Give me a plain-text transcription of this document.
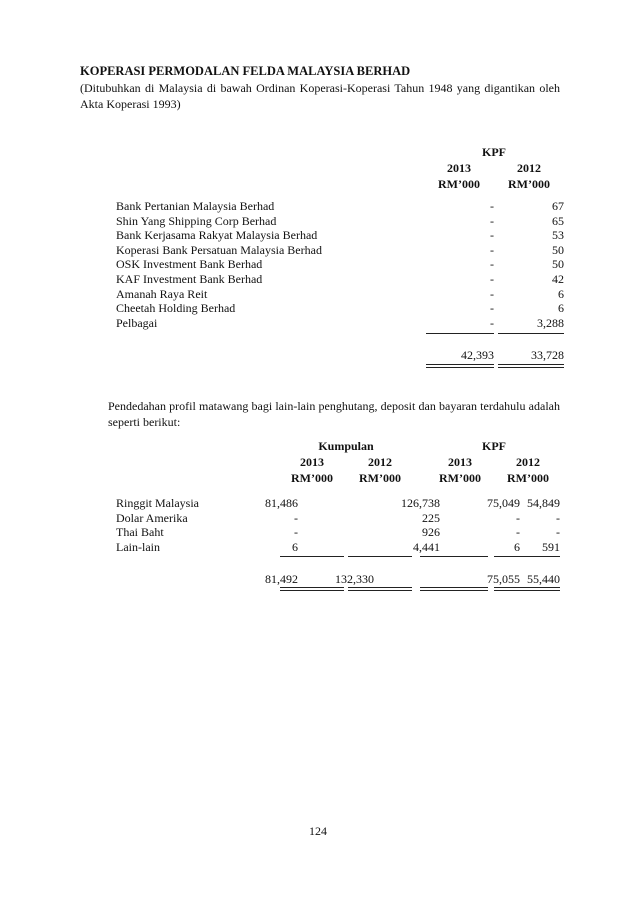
KOPERASI PERMODALAN FELDA MALAYSIA BERHAD
(Ditubuhkan di Malaysia di bawah Ordinan Koperasi-Koperasi Tahun 1948 yang digantikan oleh Akta Koperasi 1993)
KPF	
2013	2012
RM’000	RM’000
Bank Pertanian Malaysia Berhad	-	67
Shin Yang Shipping Corp Berhad	-	65
Bank Kerjasama Rakyat Malaysia Berhad	-	53
Koperasi Bank Persatuan Malaysia Berhad	-	50
OSK Investment Bank Berhad	-	50
KAF Investment Bank Berhad	-	42
Amanah Raya Reit	-	6
Cheetah Holding Berhad	-	6
Pelbagai	-	3,288
42,393	33,728
Pendedahan profil matawang bagi lain-lain penghutang, deposit dan bayaran terdahulu adalah seperti berikut:
Kumpulan			KPF	
2013	2012		2013	2012
RM’000	RM’000		RM’000	RM’000
Ringgit Malaysia	81,486	126,738	75,049	54,849
Dolar Amerika	-	225	-	-
Thai Baht	-	926	-	-
Lain-lain	6	4,441	6	591
	81,492	132,330	75,055	55,440
124
